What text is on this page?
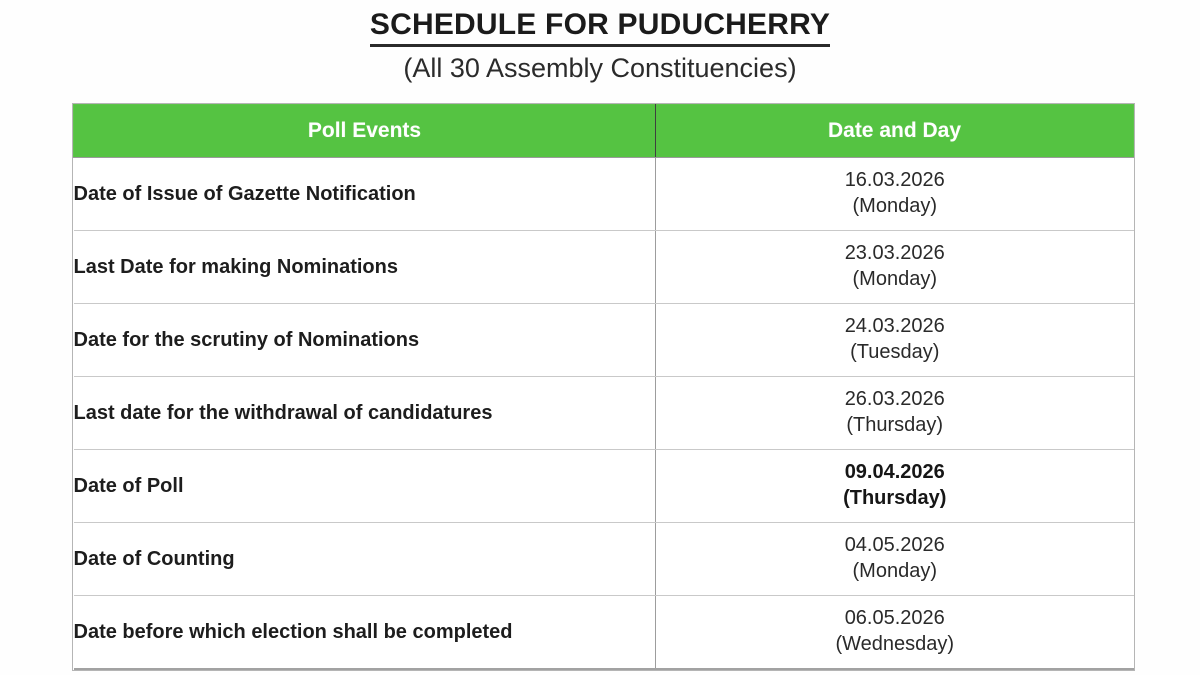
SCHEDULE FOR PUDUCHERRY
(All 30 Assembly Constituencies)
Poll Events	Date and Day
Date of Issue of Gazette Notification	16.03.2026
(Monday)

Last Date for making Nominations	23.03.2026
(Monday)

Date for the scrutiny of Nominations	24.03.2026
(Tuesday)

Last date for the withdrawal of candidatures	26.03.2026
(Thursday)

Date of Poll	09.04.2026
(Thursday)

Date of Counting	04.05.2026
(Monday)

Date before which election shall be completed	06.05.2026
(Wednesday)
